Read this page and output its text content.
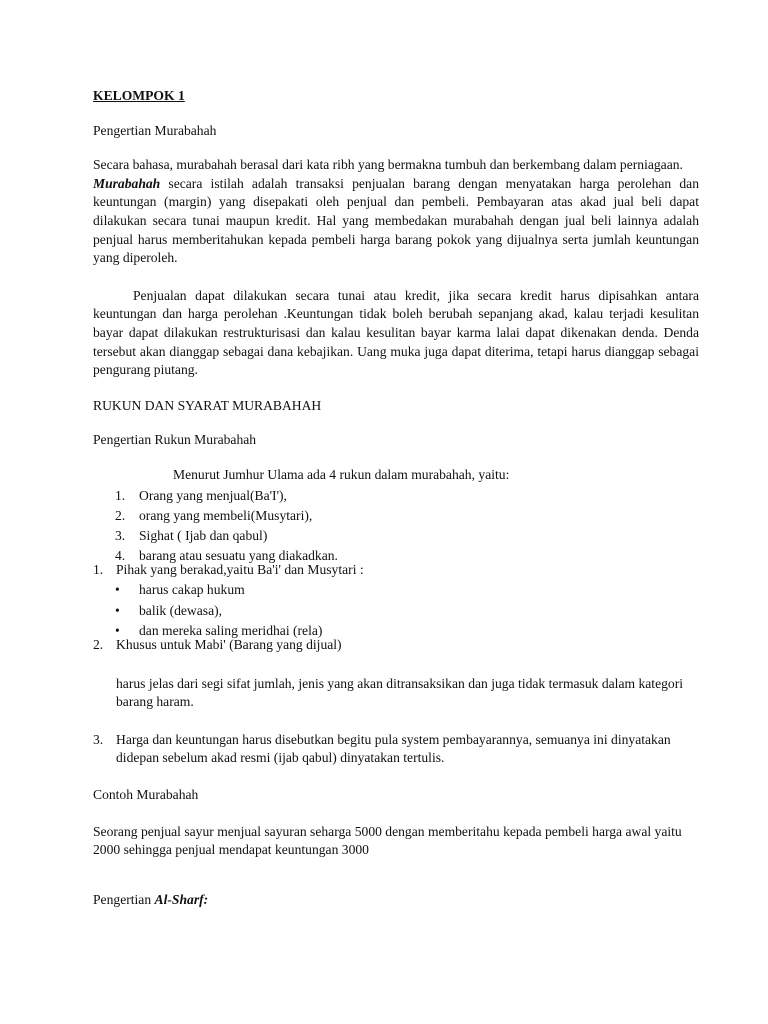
KELOMPOK 1

Pengertian Murabahah

Secara bahasa, murabahah berasal dari kata ribh yang bermakna tumbuh dan berkembang dalam perniagaan.

Murabahah secara istilah adalah transaksi penjualan barang dengan menyatakan harga perolehan dan keuntungan (margin) yang disepakati oleh penjual dan pembeli. Pembayaran atas akad jual beli dapat dilakukan secara tunai maupun kredit. Hal yang membedakan murabahah dengan jual beli lainnya adalah penjual harus memberitahukan kepada pembeli harga barang pokok yang dijualnya serta jumlah keuntungan yang diperoleh.

Penjualan dapat dilakukan secara tunai atau kredit, jika secara kredit harus dipisahkan antara keuntungan dan harga perolehan .Keuntungan tidak boleh berubah sepanjang akad, kalau terjadi kesulitan bayar dapat dilakukan restrukturisasi dan kalau kesulitan bayar karma lalai dapat dikenakan denda. Denda tersebut akan dianggap sebagai dana kebajikan. Uang muka juga dapat diterima, tetapi harus dianggap sebagai pengurang piutang.

RUKUN DAN SYARAT MURABAHAH

Pengertian Rukun Murabahah

Menurut Jumhur Ulama ada 4 rukun dalam murabahah, yaitu:

1. Orang yang menjual(Ba'I'),
2. orang yang membeli(Musytari),
3. Sighat ( Ijab dan qabul)
4. barang atau sesuatu yang diakadkan.
1. Pihak yang berakad,yaitu Ba'i' dan Musytari :
• harus cakap hukum
• balik (dewasa),
• dan mereka saling meridhai (rela)
2. Khusus untuk Mabi' (Barang yang dijual)

harus jelas dari segi sifat jumlah, jenis yang akan ditransaksikan dan juga tidak termasuk dalam kategori barang haram.

3. Harga dan keuntungan harus disebutkan begitu pula system pembayarannya, semuanya ini dinyatakan didepan sebelum akad resmi (ijab qabul) dinyatakan tertulis.

Contoh Murabahah

Seorang penjual sayur menjual sayuran seharga 5000 dengan memberitahu kepada pembeli harga awal yaitu 2000 sehingga penjual mendapat keuntungan 3000

Pengertian Al-Sharf:
